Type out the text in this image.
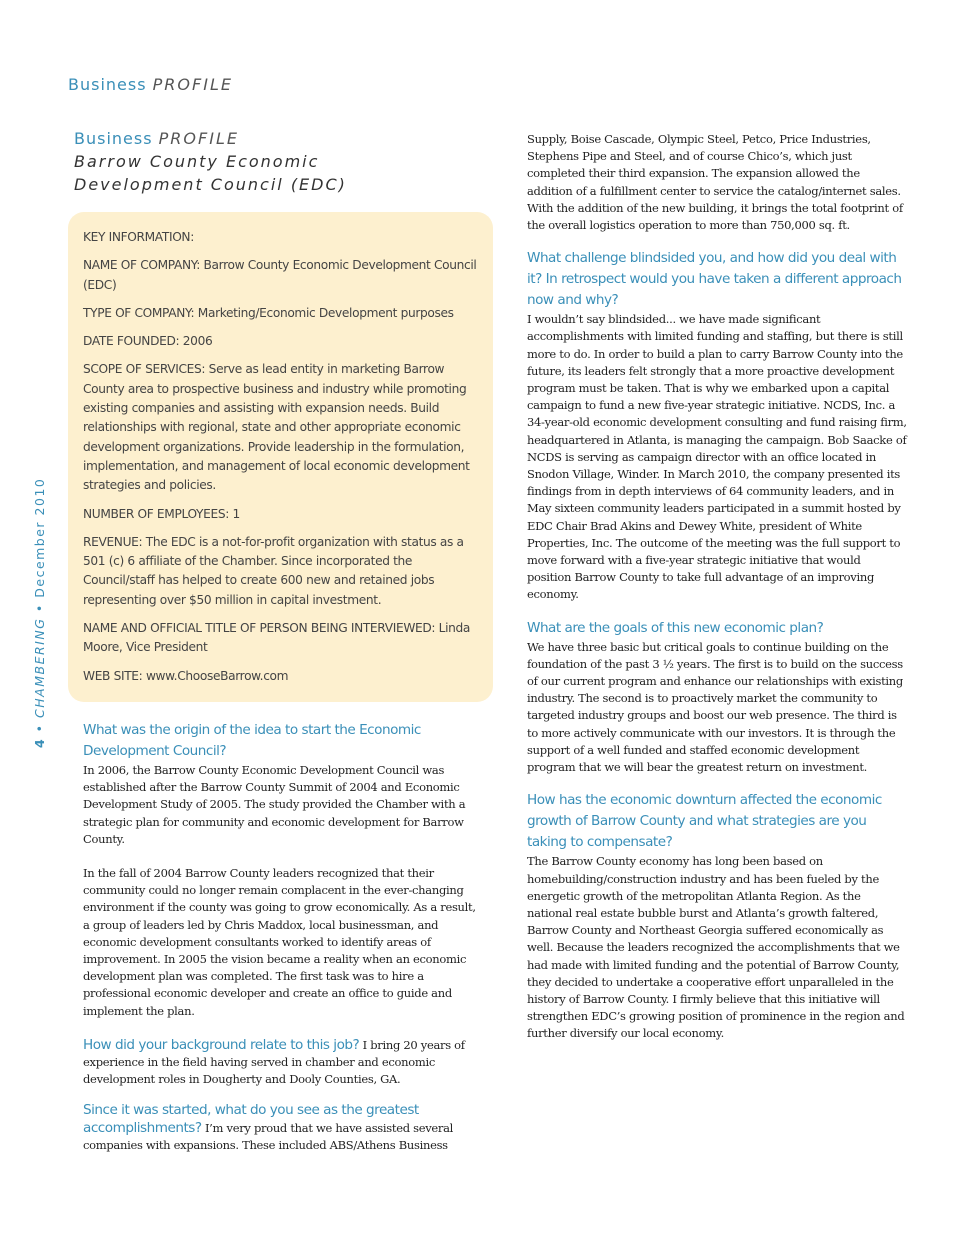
Business PROFILE
4 • CHAMBERING • December 2010
Business PROFILE
Barrow County Economic
Development Council (EDC)

KEY INFORMATION:

NAME OF COMPANY: Barrow County Economic Development Council (EDC)

TYPE OF COMPANY: Marketing/Economic Development purposes

DATE FOUNDED: 2006

SCOPE OF SERVICES: Serve as lead entity in marketing Barrow County area to prospective business and industry while promoting existing companies and assisting with expansion needs. Build relationships with regional, state and other appropriate economic development organizations. Provide leadership in the formulation, implementation, and management of local economic development strategies and policies.

NUMBER OF EMPLOYEES: 1

REVENUE: The EDC is a not-for-profit organization with status as a 501 (c) 6 affiliate of the Chamber. Since incorporated the Council/staff has helped to create 600 new and retained jobs representing over $50 million in capital investment.

NAME AND OFFICIAL TITLE OF PERSON BEING INTERVIEWED: Linda Moore, Vice President

WEB SITE: www.ChooseBarrow.com

What was the origin of the idea to start the Economic Development Council?

In 2006, the Barrow County Economic Development Council was established after the Barrow County Summit of 2004 and Economic Development Study of 2005. The study provided the Chamber with a strategic plan for community and economic development for Barrow County.

In the fall of 2004 Barrow County leaders recognized that their community could no longer remain complacent in the ever-changing environment if the county was going to grow economically. As a result, a group of leaders led by Chris Maddox, local businessman, and economic development consultants worked to identify areas of improvement. In 2005 the vision became a reality when an economic development plan was completed. The first task was to hire a professional economic developer and create an office to guide and implement the plan.

How did your background relate to this job? I bring 20 years of experience in the field having served in chamber and economic development roles in Dougherty and Dooly Counties, GA.

Since it was started, what do you see as the greatest accomplishments? I’m very proud that we have assisted several companies with expansions. These included ABS/Athens Business

Supply, Boise Cascade, Olympic Steel, Petco, Price Industries, Stephens Pipe and Steel, and of course Chico’s, which just completed their third expansion. The expansion allowed the addition of a fulfillment center to service the catalog/internet sales. With the addition of the new building, it brings the total footprint of the overall logistics operation to more than 750,000 sq. ft.

What challenge blindsided you, and how did you deal with it? In retrospect would you have taken a different approach now and why?

I wouldn’t say blindsided... we have made significant accomplishments with limited funding and staffing, but there is still more to do. In order to build a plan to carry Barrow County into the future, its leaders felt strongly that a more proactive development program must be taken. That is why we embarked upon a capital campaign to fund a new five-year strategic initiative. NCDS, Inc. a 34-year-old economic development consulting and fund raising firm, headquartered in Atlanta, is managing the campaign. Bob Saacke of NCDS is serving as campaign director with an office located in Snodon Village, Winder. In March 2010, the company presented its findings from in depth interviews of 64 community leaders, and in May sixteen community leaders participated in a summit hosted by EDC Chair Brad Akins and Dewey White, president of White Properties, Inc. The outcome of the meeting was the full support to move forward with a five-year strategic initiative that would position Barrow County to take full advantage of an improving economy.

What are the goals of this new economic plan?

We have three basic but critical goals to continue building on the foundation of the past 3 ½ years. The first is to build on the success of our current program and enhance our relationships with existing industry. The second is to proactively market the community to targeted industry groups and boost our web presence. The third is to more actively communicate with our investors. It is through the support of a well funded and staffed economic development program that we will bear the greatest return on investment.

How has the economic downturn affected the economic growth of Barrow County and what strategies are you taking to compensate?

The Barrow County economy has long been based on homebuilding/construction industry and has been fueled by the energetic growth of the metropolitan Atlanta Region. As the national real estate bubble burst and Atlanta’s growth faltered, Barrow County and Northeast Georgia suffered economically as well. Because the leaders recognized the accomplishments that we had made with limited funding and the potential of Barrow County, they decided to undertake a cooperative effort unparalleled in the history of Barrow County. I firmly believe that this initiative will strengthen EDC’s growing position of prominence in the region and further diversify our local economy.
